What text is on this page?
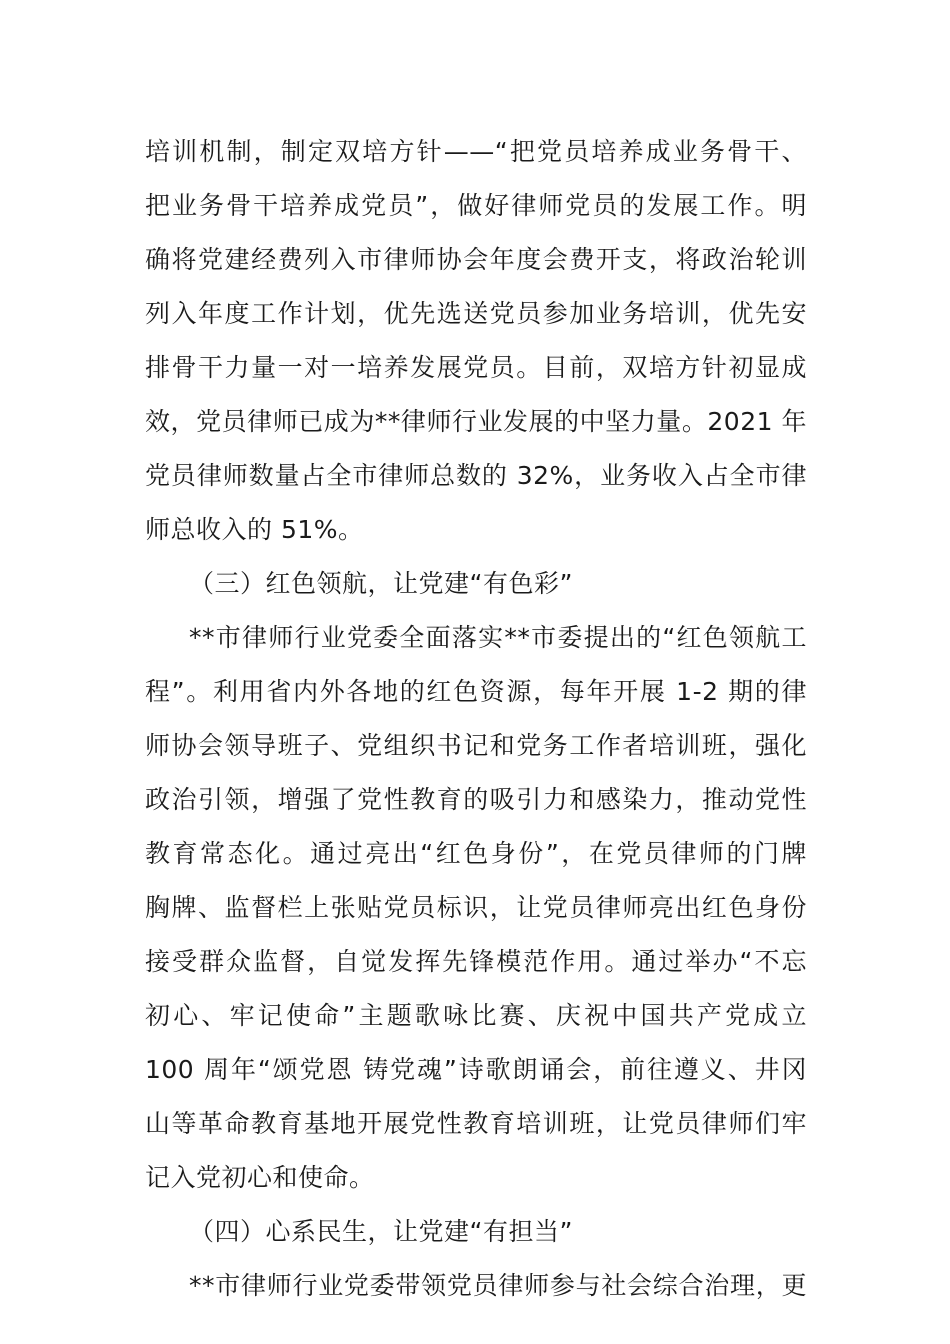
培训机制，制定双培方针——“把党员培养成业务骨干、
把业务骨干培养成党员”，做好律师党员的发展工作。明
确将党建经费列入市律师协会年度会费开支，将政治轮训
列入年度工作计划，优先选送党员参加业务培训，优先安
排骨干力量一对一培养发展党员。目前，双培方针初显成
效，党员律师已成为**律师行业发展的中坚力量。2021 年
党员律师数量占全市律师总数的 32%，业务收入占全市律
师总收入的 51%。
（三）红色领航，让党建“有色彩”
**市律师行业党委全面落实**市委提出的“红色领航工
程”。利用省内外各地的红色资源，每年开展 1-2 期的律
师协会领导班子、党组织书记和党务工作者培训班，强化
政治引领，增强了党性教育的吸引力和感染力，推动党性
教育常态化。通过亮出“红色身份”，在党员律师的门牌
胸牌、监督栏上张贴党员标识，让党员律师亮出红色身份
接受群众监督，自觉发挥先锋模范作用。通过举办“不忘
初心、牢记使命”主题歌咏比赛、庆祝中国共产党成立
100 周年“颂党恩 铸党魂”诗歌朗诵会，前往遵义、井冈
山等革命教育基地开展党性教育培训班，让党员律师们牢
记入党初心和使命。
（四）心系民生，让党建“有担当”
**市律师行业党委带领党员律师参与社会综合治理，更
